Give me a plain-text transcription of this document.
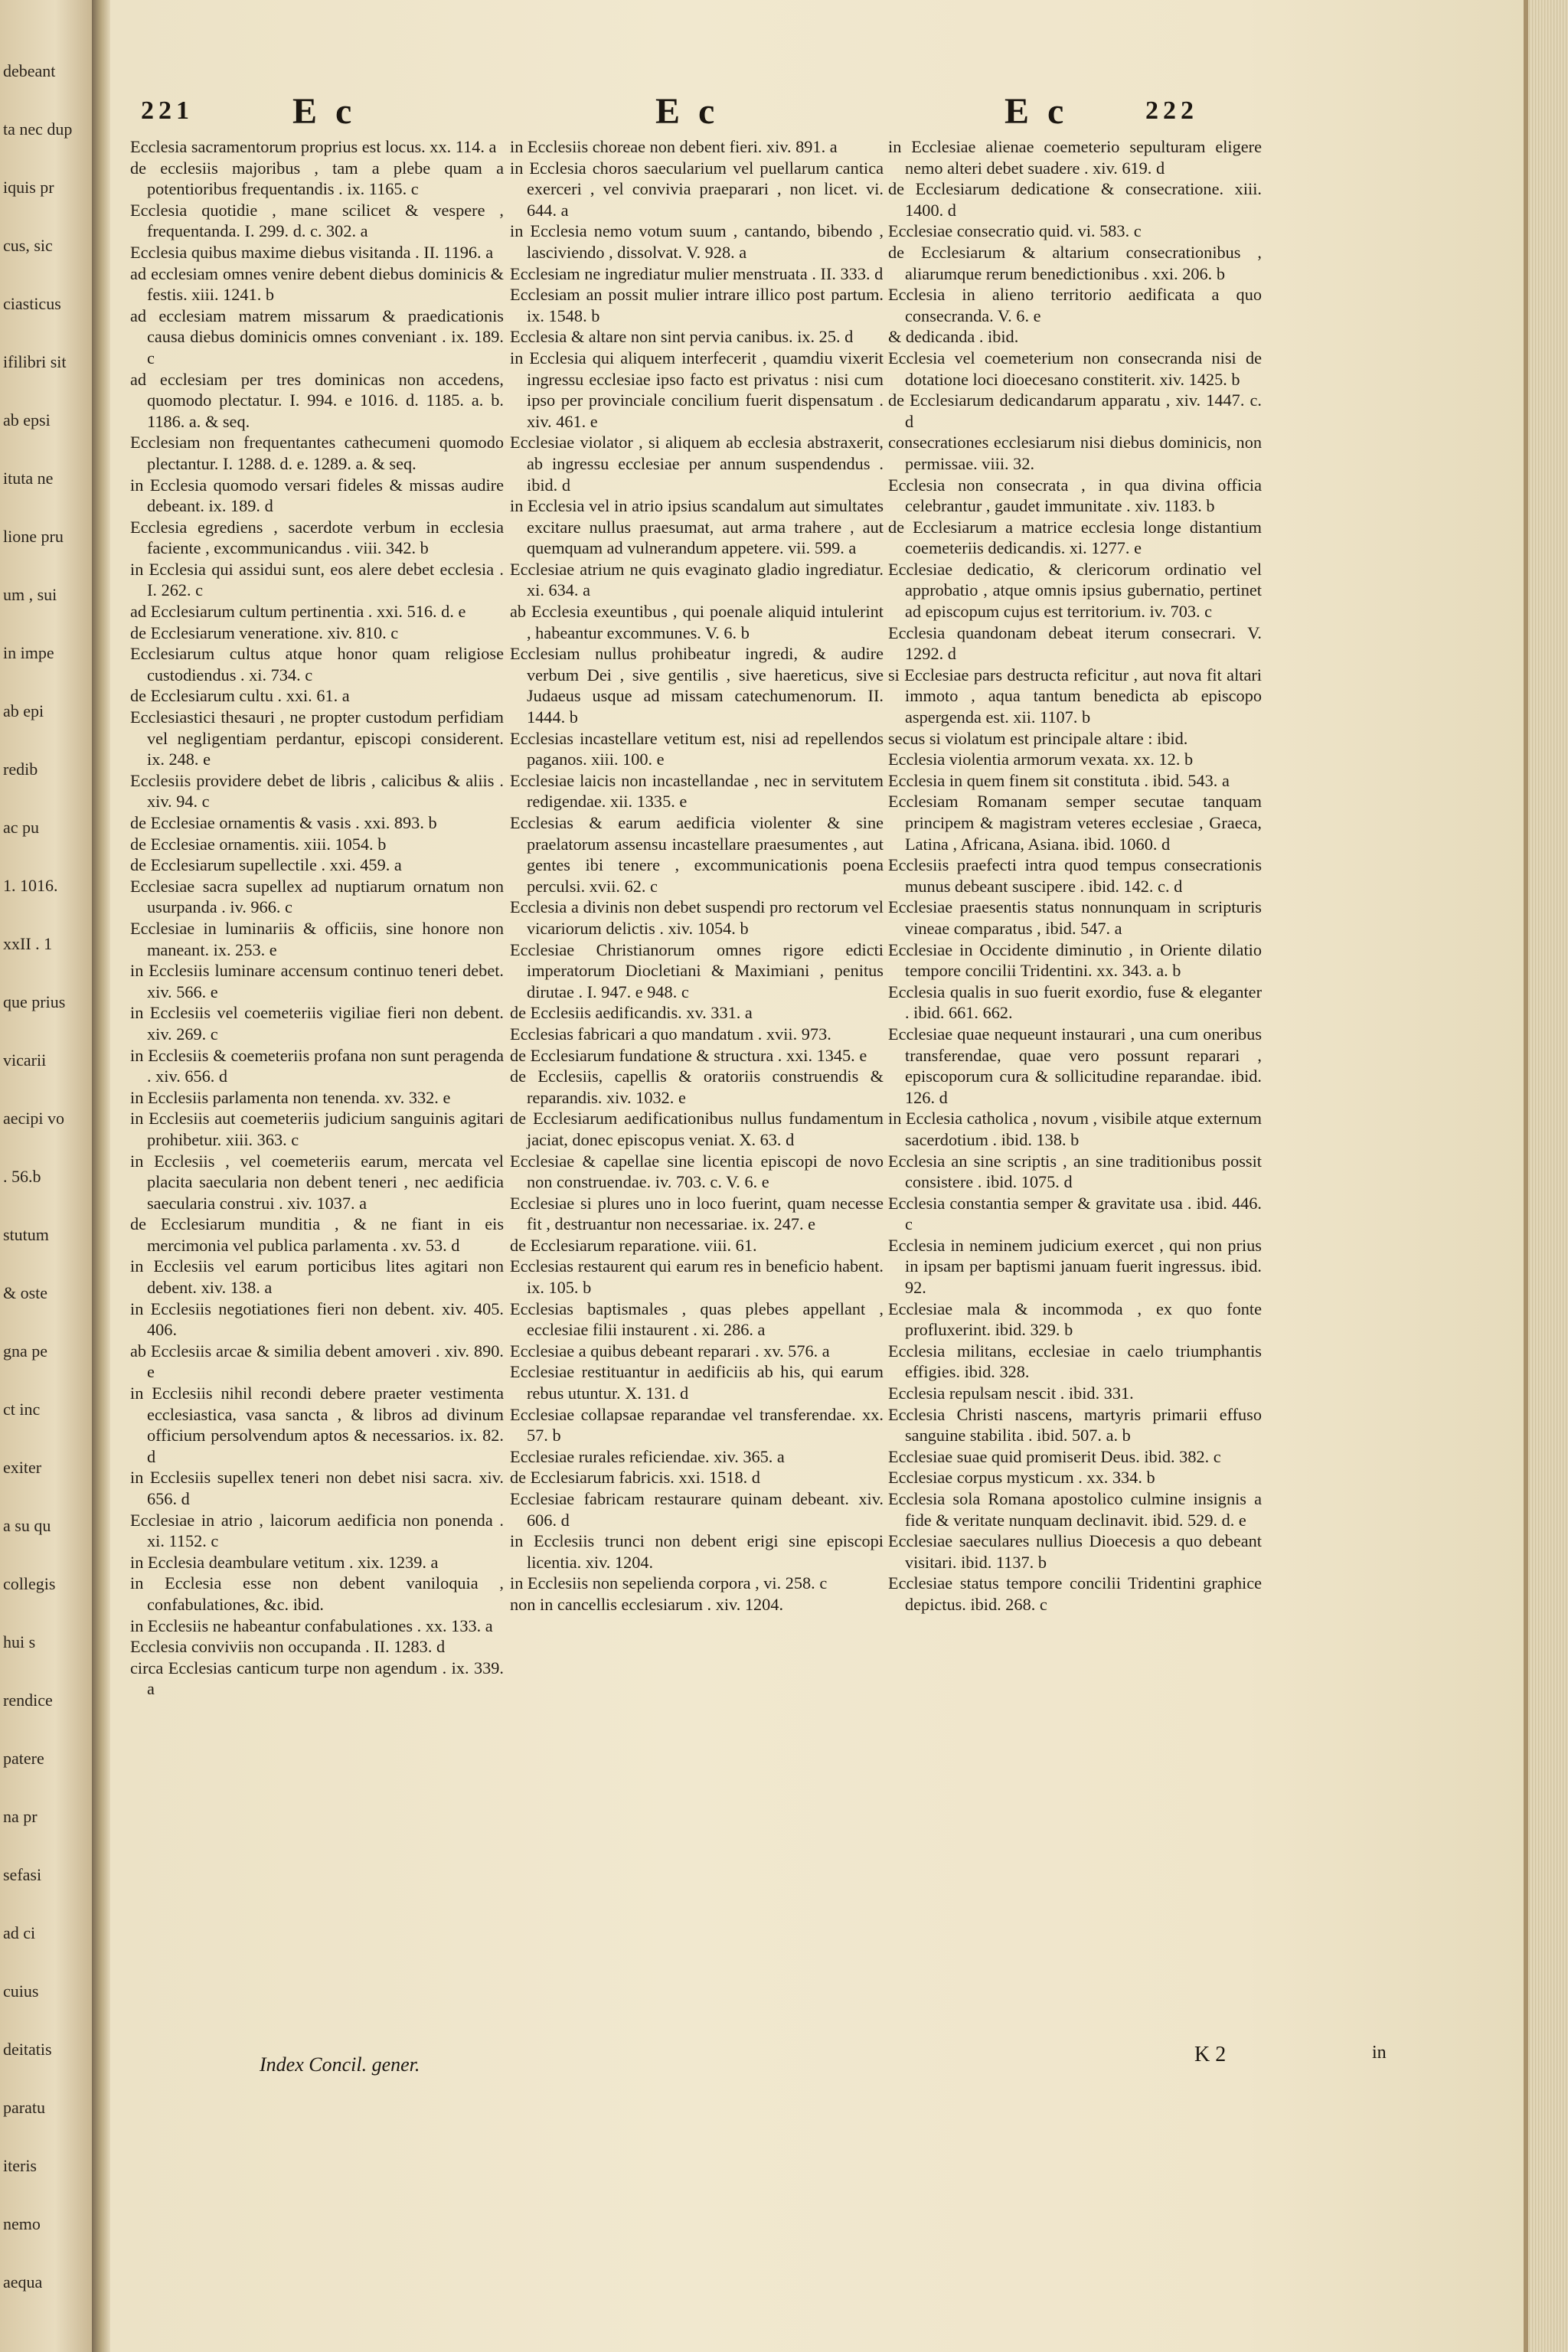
debeant
ta nec dup
iquis pr
cus, sic
ciasticus
ifilibri sit
ab epsi
ituta ne
lione pru
um , sui
in impe
ab epi
redib
ac pu
1. 1016.
xxII . 1
que prius
vicarii
aecipi vo
. 56.b
stutum
& oste
gna pe
ct inc
exiter
a su qu
collegis
hui s
rendice
patere
na pr
sefasi
ad ci
cuius
deitatis
paratu
iteris
nemo
aequa
221	E c	E c	E c	222

Ecclesia sacramentorum proprius est locus. xx. 114. a

de ecclesiis majoribus , tam a plebe quam a potentioribus frequentandis . ix. 1165. c

Ecclesia quotidie , mane scilicet & vespere , frequentanda. I. 299. d. c. 302. a

Ecclesia quibus maxime diebus visitanda . II. 1196. a

ad ecclesiam omnes venire debent diebus dominicis & festis. xiii. 1241. b

ad ecclesiam matrem missarum & praedicationis causa diebus dominicis omnes conveniant . ix. 189. c

ad ecclesiam per tres dominicas non accedens, quomodo plectatur. I. 994. e 1016. d. 1185. a. b. 1186. a. & seq.

Ecclesiam non frequentantes cathecumeni quomodo plectantur. I. 1288. d. e. 1289. a. & seq.

in Ecclesia quomodo versari fideles & missas audire debeant. ix. 189. d

Ecclesia egrediens , sacerdote verbum in ecclesia faciente , excommunicandus . viii. 342. b

in Ecclesia qui assidui sunt, eos alere debet ecclesia . I. 262. c

ad Ecclesiarum cultum pertinentia . xxi. 516. d. e

de Ecclesiarum veneratione. xiv. 810. c

Ecclesiarum cultus atque honor quam religiose custodiendus . xi. 734. c

de Ecclesiarum cultu . xxi. 61. a

Ecclesiastici thesauri , ne propter custodum perfidiam vel negligentiam perdantur, episcopi considerent. ix. 248. e

Ecclesiis providere debet de libris , calicibus & aliis . xiv. 94. c

de Ecclesiae ornamentis & vasis . xxi. 893. b

de Ecclesiae ornamentis. xiii. 1054. b

de Ecclesiarum supellectile . xxi. 459. a

Ecclesiae sacra supellex ad nuptiarum ornatum non usurpanda . iv. 966. c

Ecclesiae in luminariis & officiis, sine honore non maneant. ix. 253. e

in Ecclesiis luminare accensum continuo teneri debet. xiv. 566. e

in Ecclesiis vel coemeteriis vigiliae fieri non debent. xiv. 269. c

in Ecclesiis & coemeteriis profana non sunt peragenda . xiv. 656. d

in Ecclesiis parlamenta non tenenda. xv. 332. e

in Ecclesiis aut coemeteriis judicium sanguinis agitari prohibetur. xiii. 363. c

in Ecclesiis , vel coemeteriis earum, mercata vel placita saecularia non debent teneri , nec aedificia saecularia construi . xiv. 1037. a

de Ecclesiarum munditia , & ne fiant in eis mercimonia vel publica parlamenta . xv. 53. d

in Ecclesiis vel earum porticibus lites agitari non debent. xiv. 138. a

in Ecclesiis negotiationes fieri non debent. xiv. 405. 406.

ab Ecclesiis arcae & similia debent amoveri . xiv. 890. e

in Ecclesiis nihil recondi debere praeter vestimenta ecclesiastica, vasa sancta , & libros ad divinum officium persolvendum aptos & necessarios. ix. 82. d

in Ecclesiis supellex teneri non debet nisi sacra. xiv. 656. d

Ecclesiae in atrio , laicorum aedificia non ponenda . xi. 1152. c

in Ecclesia deambulare vetitum . xix. 1239. a

in Ecclesia esse non debent vaniloquia , confabulationes, &c. ibid.

in Ecclesiis ne habeantur confabulationes . xx. 133. a

Ecclesia conviviis non occupanda . II. 1283. d

circa Ecclesias canticum turpe non agendum . ix. 339. a

in Ecclesiis choreae non debent fieri. xiv. 891. a

in Ecclesia choros saecularium vel puellarum cantica exerceri , vel convivia praeparari , non licet. vi. 644. a

in Ecclesia nemo votum suum , cantando, bibendo , lasciviendo , dissolvat. V. 928. a

Ecclesiam ne ingrediatur mulier menstruata . II. 333. d

Ecclesiam an possit mulier intrare illico post partum. ix. 1548. b

Ecclesia & altare non sint pervia canibus. ix. 25. d

in Ecclesia qui aliquem interfecerit , quamdiu vixerit ingressu ecclesiae ipso facto est privatus : nisi cum ipso per provinciale concilium fuerit dispensatum . xiv. 461. e

Ecclesiae violator , si aliquem ab ecclesia abstraxerit, ab ingressu ecclesiae per annum suspendendus . ibid. d

in Ecclesia vel in atrio ipsius scandalum aut simultates excitare nullus praesumat, aut arma trahere , aut quemquam ad vulnerandum appetere. vii. 599. a

Ecclesiae atrium ne quis evaginato gladio ingrediatur. xi. 634. a

ab Ecclesia exeuntibus , qui poenale aliquid intulerint , habeantur excommunes. V. 6. b

Ecclesiam nullus prohibeatur ingredi, & audire verbum Dei , sive gentilis , sive haereticus, sive Judaeus usque ad missam catechumenorum. II. 1444. b

Ecclesias incastellare vetitum est, nisi ad repellendos paganos. xiii. 100. e

Ecclesiae laicis non incastellandae , nec in servitutem redigendae. xii. 1335. e

Ecclesias & earum aedificia violenter & sine praelatorum assensu incastellare praesumentes , aut gentes ibi tenere , excommunicationis poena perculsi. xvii. 62. c

Ecclesia a divinis non debet suspendi pro rectorum vel vicariorum delictis . xiv. 1054. b

Ecclesiae Christianorum omnes rigore edicti imperatorum Diocletiani & Maximiani , penitus dirutae . I. 947. e 948. c

de Ecclesiis aedificandis. xv. 331. a

Ecclesias fabricari a quo mandatum . xvii. 973.

de Ecclesiarum fundatione & structura . xxi. 1345. e

de Ecclesiis, capellis & oratoriis construendis & reparandis. xiv. 1032. e

de Ecclesiarum aedificationibus nullus fundamentum jaciat, donec episcopus veniat. X. 63. d

Ecclesiae & capellae sine licentia episcopi de novo non construendae. iv. 703. c. V. 6. e

Ecclesiae si plures uno in loco fuerint, quam necesse fit , destruantur non necessariae. ix. 247. e

de Ecclesiarum reparatione. viii. 61.

Ecclesias restaurent qui earum res in beneficio habent. ix. 105. b

Ecclesias baptismales , quas plebes appellant , ecclesiae filii instaurent . xi. 286. a

Ecclesiae a quibus debeant reparari . xv. 576. a

Ecclesiae restituantur in aedificiis ab his, qui earum rebus utuntur. X. 131. d

Ecclesiae collapsae reparandae vel transferendae. xx. 57. b

Ecclesiae rurales reficiendae. xiv. 365. a

de Ecclesiarum fabricis. xxi. 1518. d

Ecclesiae fabricam restaurare quinam debeant. xiv. 606. d

in Ecclesiis trunci non debent erigi sine episcopi licentia. xiv. 1204.

in Ecclesiis non sepelienda corpora , vi. 258. c

non in cancellis ecclesiarum . xiv. 1204.

in Ecclesiae alienae coemeterio sepulturam eligere nemo alteri debet suadere . xiv. 619. d

de Ecclesiarum dedicatione & consecratione. xiii. 1400. d

Ecclesiae consecratio quid. vi. 583. c

de Ecclesiarum & altarium consecrationibus , aliarumque rerum benedictionibus . xxi. 206. b

Ecclesia in alieno territorio aedificata a quo consecranda. V. 6. e

& dedicanda . ibid.

Ecclesia vel coemeterium non consecranda nisi de dotatione loci dioecesano constiterit. xiv. 1425. b

de Ecclesiarum dedicandarum apparatu , xiv. 1447. c. d

consecrationes ecclesiarum nisi diebus dominicis, non permissae. viii. 32.

Ecclesia non consecrata , in qua divina officia celebrantur , gaudet immunitate . xiv. 1183. b

de Ecclesiarum a matrice ecclesia longe distantium coemeteriis dedicandis. xi. 1277. e

Ecclesiae dedicatio, & clericorum ordinatio vel approbatio , atque omnis ipsius gubernatio, pertinet ad episcopum cujus est territorium. iv. 703. c

Ecclesia quandonam debeat iterum consecrari. V. 1292. d

si Ecclesiae pars destructa reficitur , aut nova fit altari immoto , aqua tantum benedicta ab episcopo aspergenda est. xii. 1107. b

secus si violatum est principale altare : ibid.

Ecclesia violentia armorum vexata. xx. 12. b

Ecclesia in quem finem sit constituta . ibid. 543. a

Ecclesiam Romanam semper secutae tanquam principem & magistram veteres ecclesiae , Graeca, Latina , Africana, Asiana. ibid. 1060. d

Ecclesiis praefecti intra quod tempus consecrationis munus debeant suscipere . ibid. 142. c. d

Ecclesiae praesentis status nonnunquam in scripturis vineae comparatus , ibid. 547. a

Ecclesiae in Occidente diminutio , in Oriente dilatio tempore concilii Tridentini. xx. 343. a. b

Ecclesia qualis in suo fuerit exordio, fuse & eleganter . ibid. 661. 662.

Ecclesiae quae nequeunt instaurari , una cum oneribus transferendae, quae vero possunt reparari , episcoporum cura & sollicitudine reparandae. ibid. 126. d

in Ecclesia catholica , novum , visibile atque externum sacerdotium . ibid. 138. b

Ecclesia an sine scriptis , an sine traditionibus possit consistere . ibid. 1075. d

Ecclesia constantia semper & gravitate usa . ibid. 446. c

Ecclesia in neminem judicium exercet , qui non prius in ipsam per baptismi januam fuerit ingressus. ibid. 92.

Ecclesiae mala & incommoda , ex quo fonte profluxerint. ibid. 329. b

Ecclesia militans, ecclesiae in caelo triumphantis effigies. ibid. 328.

Ecclesia repulsam nescit . ibid. 331.

Ecclesia Christi nascens, martyris primarii effuso sanguine stabilita . ibid. 507. a. b

Ecclesiae suae quid promiserit Deus. ibid. 382. c

Ecclesiae corpus mysticum . xx. 334. b

Ecclesia sola Romana apostolico culmine insignis a fide & veritate nunquam declinavit. ibid. 529. d. e

Ecclesiae saeculares nullius Dioecesis a quo debeant visitari. ibid. 1137. b

Ecclesiae status tempore concilii Tridentini graphice depictus. ibid. 268. c

Index Concil. gener.	K 2	in
